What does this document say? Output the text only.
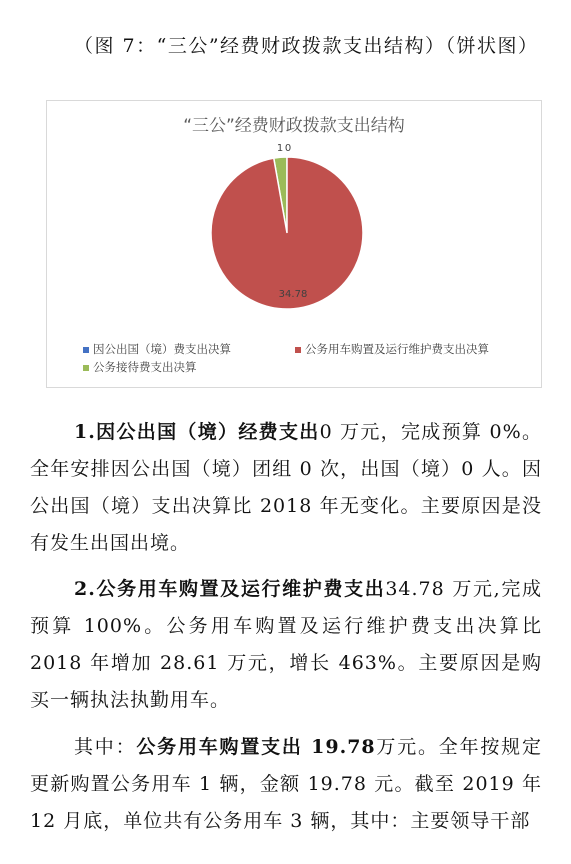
（图 7：“三公”经费财政拨款支出结构）（饼状图）
“三公”经费财政拨款支出结构
1 0
34.78
因公出国（境）费支出决算	公务用车购置及运行维护费支出决算
公务接待费支出决算
1.因公出国（境）经费支出0 万元，完成预算 0%。全年安排因公出国（境）团组 0 次，出国（境）0 人。因公出国（境）支出决算比 2018 年无变化。主要原因是没有发生出国出境。
2.公务用车购置及运行维护费支出34.78 万元,完成预算 100%。公务用车购置及运行维护费支出决算比 2018 年增加 28.61 万元，增长 463%。主要原因是购买一辆执法执勤用车。
其中：公务用车购置支出 19.78万元。全年按规定更新购置公务用车 1 辆，金额 19.78 元。截至 2019 年 12 月底，单位共有公务用车 3 辆，其中：主要领导干部
